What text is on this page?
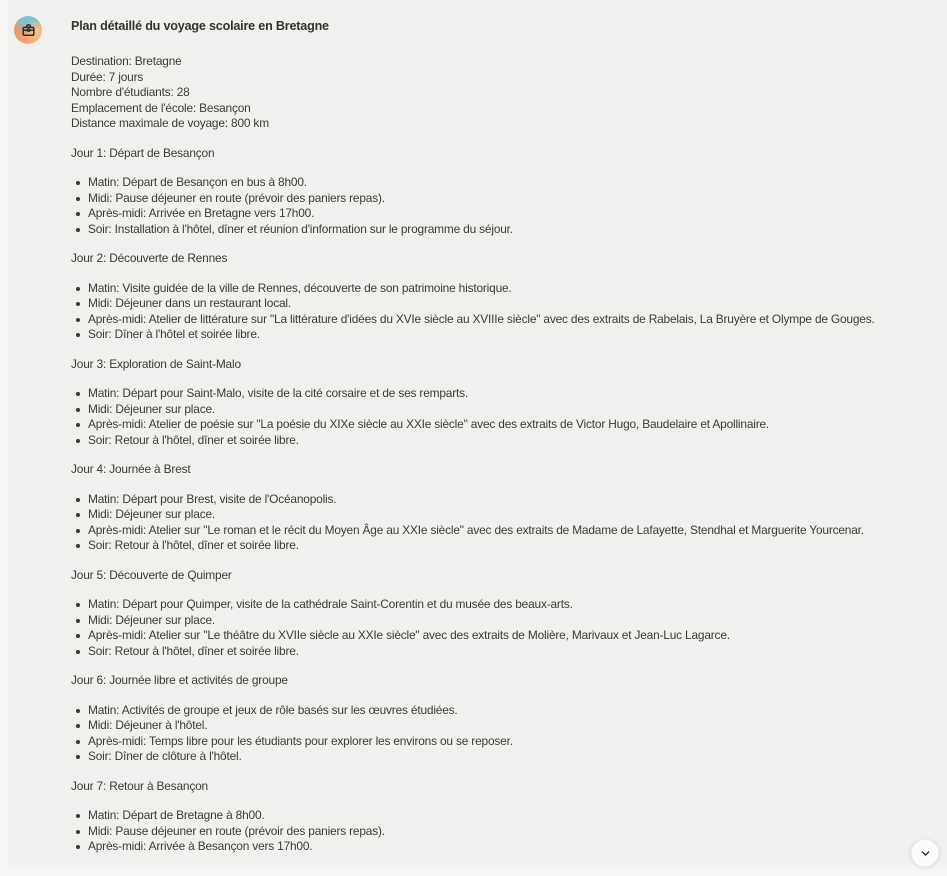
Plan détaillé du voyage scolaire en Bretagne
Destination: Bretagne
Durée: 7 jours
Nombre d'étudiants: 28
Emplacement de l'école: Besançon
Distance maximale de voyage: 800 km
Jour 1: Départ de Besançon
Matin: Départ de Besançon en bus à 8h00.
Midi: Pause déjeuner en route (prévoir des paniers repas).
Après-midi: Arrivée en Bretagne vers 17h00.
Soir: Installation à l'hôtel, dîner et réunion d'information sur le programme du séjour.
Jour 2: Découverte de Rennes
Matin: Visite guidée de la ville de Rennes, découverte de son patrimoine historique.
Midi: Déjeuner dans un restaurant local.
Après-midi: Atelier de littérature sur "La littérature d'idées du XVIe siècle au XVIIIe siècle" avec des extraits de Rabelais, La Bruyère et Olympe de Gouges.
Soir: Dîner à l'hôtel et soirée libre.
Jour 3: Exploration de Saint-Malo
Matin: Départ pour Saint-Malo, visite de la cité corsaire et de ses remparts.
Midi: Déjeuner sur place.
Après-midi: Atelier de poésie sur "La poésie du XIXe siècle au XXIe siècle" avec des extraits de Victor Hugo, Baudelaire et Apollinaire.
Soir: Retour à l'hôtel, dîner et soirée libre.
Jour 4: Journée à Brest
Matin: Départ pour Brest, visite de l'Océanopolis.
Midi: Déjeuner sur place.
Après-midi: Atelier sur "Le roman et le récit du Moyen Âge au XXIe siècle" avec des extraits de Madame de Lafayette, Stendhal et Marguerite Yourcenar.
Soir: Retour à l'hôtel, dîner et soirée libre.
Jour 5: Découverte de Quimper
Matin: Départ pour Quimper, visite de la cathédrale Saint-Corentin et du musée des beaux-arts.
Midi: Déjeuner sur place.
Après-midi: Atelier sur "Le théâtre du XVIIe siècle au XXIe siècle" avec des extraits de Molière, Marivaux et Jean-Luc Lagarce.
Soir: Retour à l'hôtel, dîner et soirée libre.
Jour 6: Journée libre et activités de groupe
Matin: Activités de groupe et jeux de rôle basés sur les œuvres étudiées.
Midi: Déjeuner à l'hôtel.
Après-midi: Temps libre pour les étudiants pour explorer les environs ou se reposer.
Soir: Dîner de clôture à l'hôtel.
Jour 7: Retour à Besançon
Matin: Départ de Bretagne à 8h00.
Midi: Pause déjeuner en route (prévoir des paniers repas).
Après-midi: Arrivée à Besançon vers 17h00.
